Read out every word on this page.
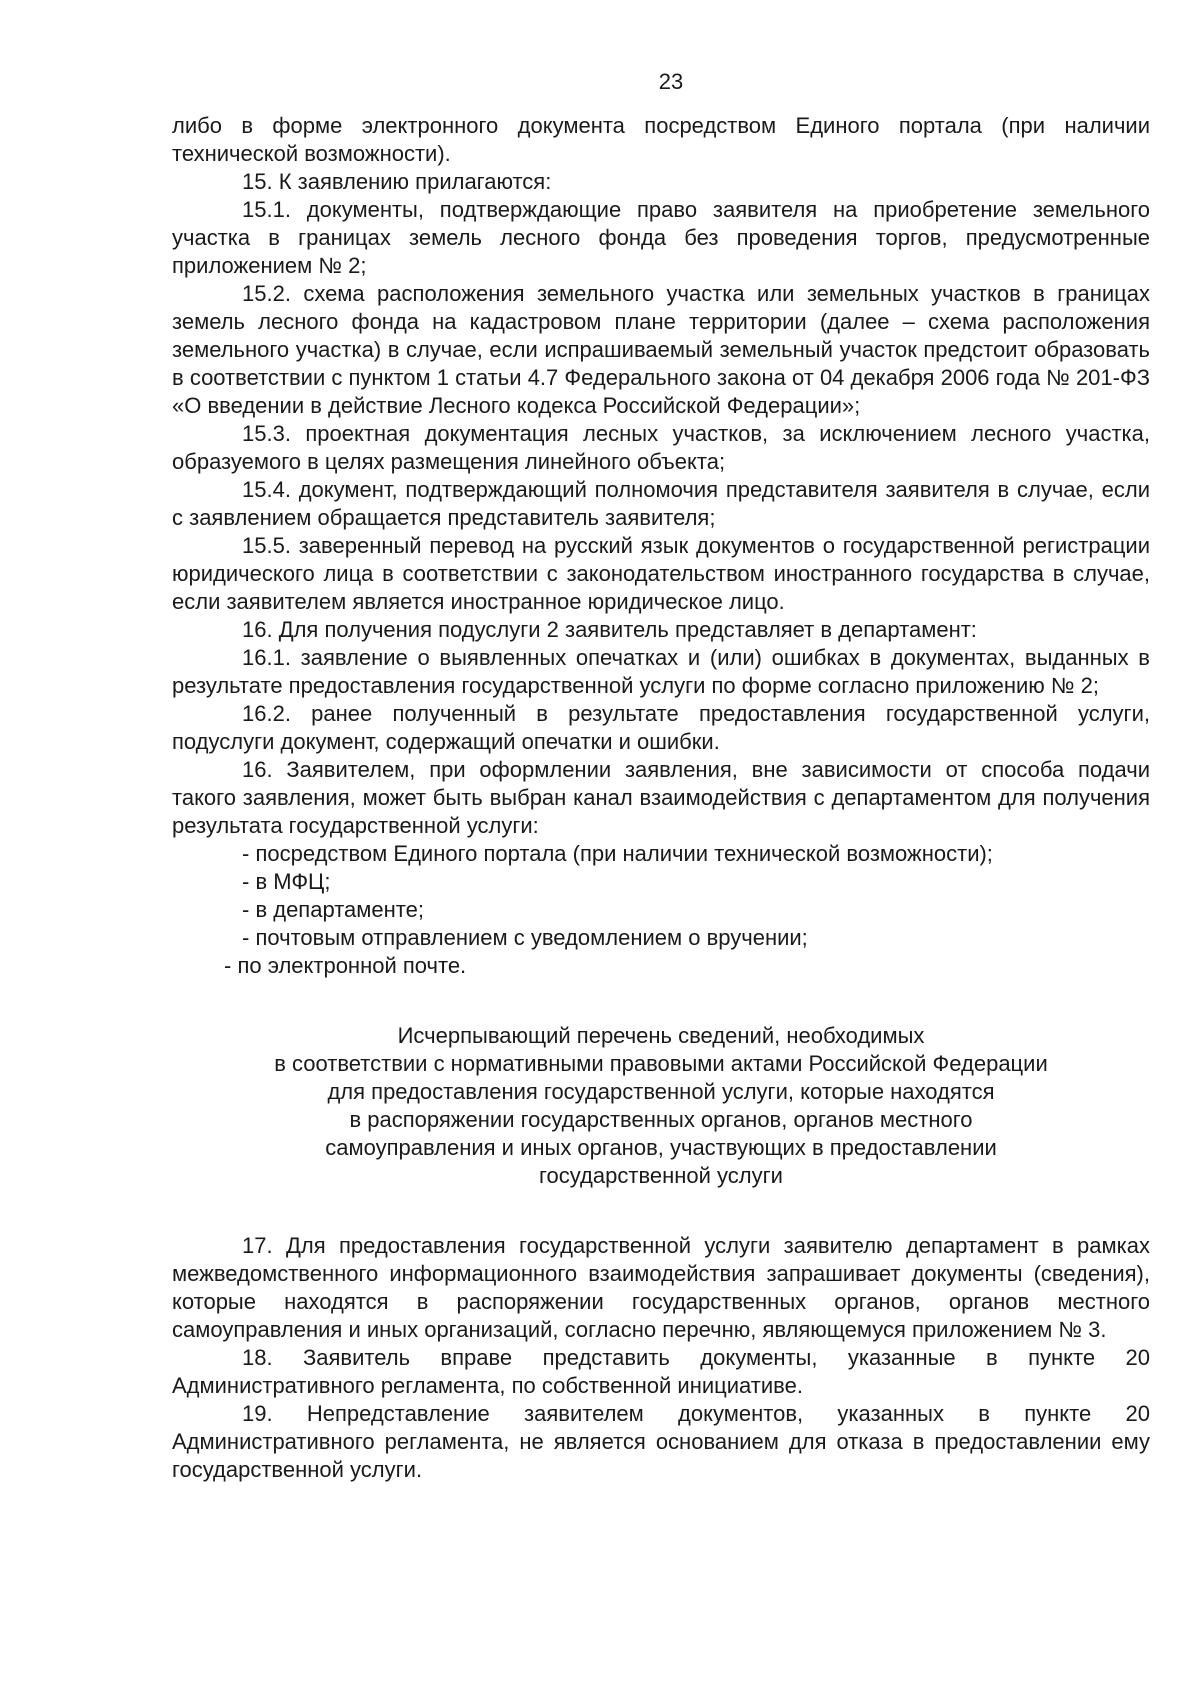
23

либо в форме электронного документа посредством Единого портала (при наличии технической возможности).

15. К заявлению прилагаются:

15.1. документы, подтверждающие право заявителя на приобретение земельного участка в границах земель лесного фонда без проведения торгов, предусмотренные приложением № 2;

15.2. схема расположения земельного участка или земельных участков в границах земель лесного фонда на кадастровом плане территории (далее – схема расположения земельного участка) в случае, если испрашиваемый земельный участок предстоит образовать в соответствии с пунктом 1 статьи 4.7 Федерального закона от 04 декабря 2006 года № 201-ФЗ «О введении в действие Лесного кодекса Российской Федерации»;

15.3. проектная документация лесных участков, за исключением лесного участка, образуемого в целях размещения линейного объекта;

15.4. документ, подтверждающий полномочия представителя заявителя в случае, если с заявлением обращается представитель заявителя;

15.5. заверенный перевод на русский язык документов о государственной регистрации юридического лица в соответствии с законодательством иностранного государства в случае, если заявителем является иностранное юридическое лицо.

16. Для получения подуслуги 2 заявитель представляет в департамент:

16.1. заявление о выявленных опечатках и (или) ошибках в документах, выданных в результате предоставления государственной услуги по форме согласно приложению № 2;

16.2. ранее полученный в результате предоставления государственной услуги, подуслуги документ, содержащий опечатки и ошибки.

16. Заявителем, при оформлении заявления, вне зависимости от способа подачи такого заявления, может быть выбран канал взаимодействия с департаментом для получения результата государственной услуги:

- посредством Единого портала (при наличии технической возможности);

- в МФЦ;

- в департаменте;

- почтовым отправлением с уведомлением о вручении;

- по электронной почте.

Исчерпывающий перечень сведений, необходимых
в соответствии с нормативными правовыми актами Российской Федерации
для предоставления государственной услуги, которые находятся
в распоряжении государственных органов, органов местного
самоуправления и иных органов, участвующих в предоставлении
государственной услуги

17. Для предоставления государственной услуги заявителю департамент в рамках межведомственного информационного взаимодействия запрашивает документы (сведения), которые находятся в распоряжении государственных органов, органов местного самоуправления и иных организаций, согласно перечню, являющемуся приложением № 3.

18. Заявитель вправе представить документы, указанные в пункте 20 Административного регламента, по собственной инициативе.

19. Непредставление заявителем документов, указанных в пункте 20 Административного регламента, не является основанием для отказа в предоставлении ему государственной услуги.
